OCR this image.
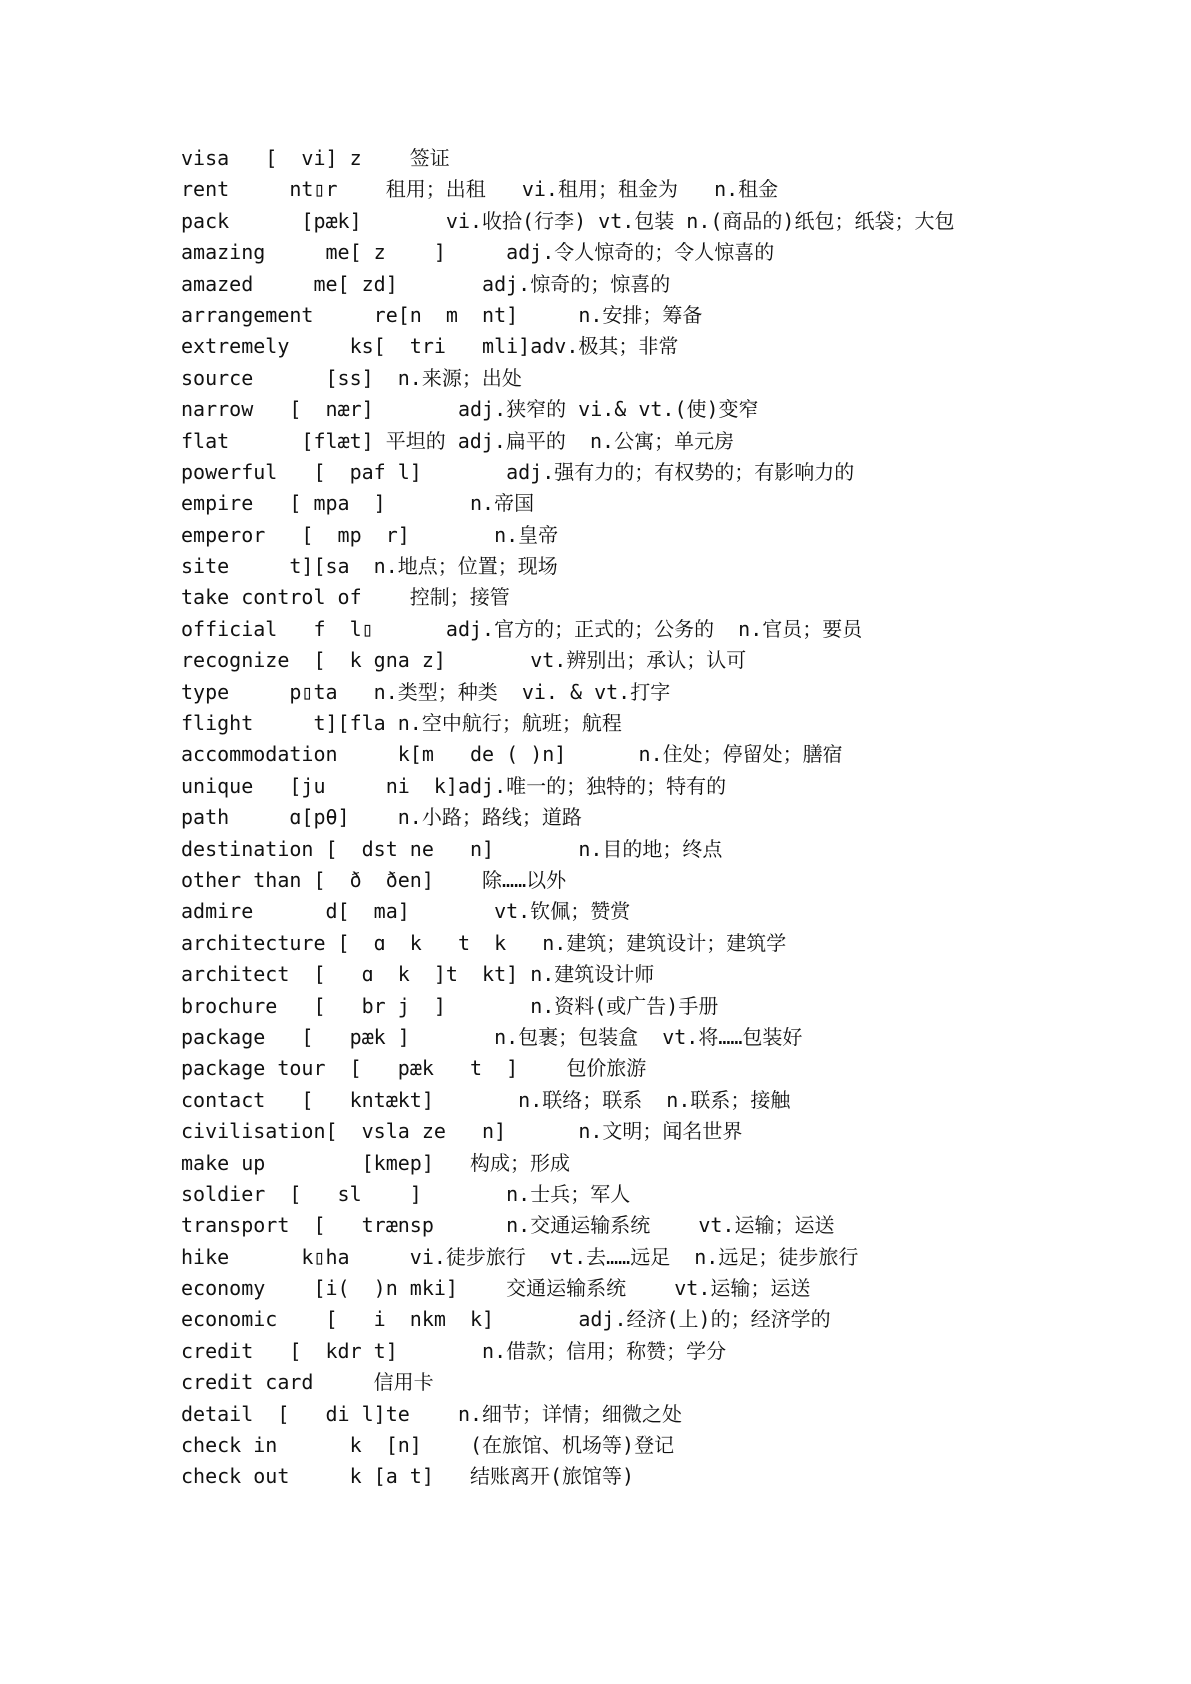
visa   [  vi] z    签证
rent     nt▯r    租用；出租   vi.租用；租金为   n.租金
pack      [pæk]       vi.收拾(行李) vt.包装 n.(商品的)纸包；纸袋；大包
amazing     me[ z    ]     adj.令人惊奇的；令人惊喜的
amazed     me[ zd]       adj.惊奇的；惊喜的
arrangement     re[n  m  nt]     n.安排；筹备
extremely     ks[  tri   mli]adv.极其；非常
source      [ss]  n.来源；出处
narrow   [  nær]       adj.狭窄的 vi.& vt.(使)变窄
flat      [flæt] 平坦的 adj.扁平的  n.公寓；单元房
powerful   [  paf l]       adj.强有力的；有权势的；有影响力的
empire   [ mpa  ]       n.帝国
emperor   [  mp  r]       n.皇帝
site     t][sa  n.地点；位置；现场
take control of    控制；接管
official   f  l▯      adj.官方的；正式的；公务的  n.官员；要员
recognize  [  k gna z]       vt.辨别出；承认；认可
type     p▯ta   n.类型；种类  vi. & vt.打字
flight     t][fla n.空中航行；航班；航程
accommodation     k[m   de ( )n]      n.住处；停留处；膳宿
unique   [ju     ni  k]adj.唯一的；独特的；特有的
path     ɑ[pθ]    n.小路；路线；道路
destination [  dst ne   n]       n.目的地；终点
other than [  ð  ðen]    除……以外
admire      d[  ma]       vt.钦佩；赞赏
architecture [  ɑ  k   t  k   n.建筑；建筑设计；建筑学
architect  [   ɑ  k  ]t  kt] n.建筑设计师
brochure   [   br j  ]       n.资料(或广告)手册
package   [   pæk ]       n.包裹；包装盒  vt.将……包装好
package tour  [   pæk   t  ]    包价旅游
contact   [   kntækt]       n.联络；联系  n.联系；接触
civilisation[  vsla ze   n]      n.文明；闻名世界
make up        [kmep]   构成；形成
soldier  [   sl    ]       n.士兵；军人
transport  [   trænsp      n.交通运输系统    vt.运输；运送
hike      k▯ha     vi.徒步旅行  vt.去……远足  n.远足；徒步旅行
economy    [i(  )n mki]    交通运输系统    vt.运输；运送
economic    [   i  nkm  k]       adj.经济(上)的；经济学的
credit   [  kdr t]       n.借款；信用；称赞；学分
credit card     信用卡
detail  [   di l]te    n.细节；详情；细微之处
check in      k  [n]    (在旅馆、机场等)登记
check out     k [a t]   结账离开(旅馆等)
